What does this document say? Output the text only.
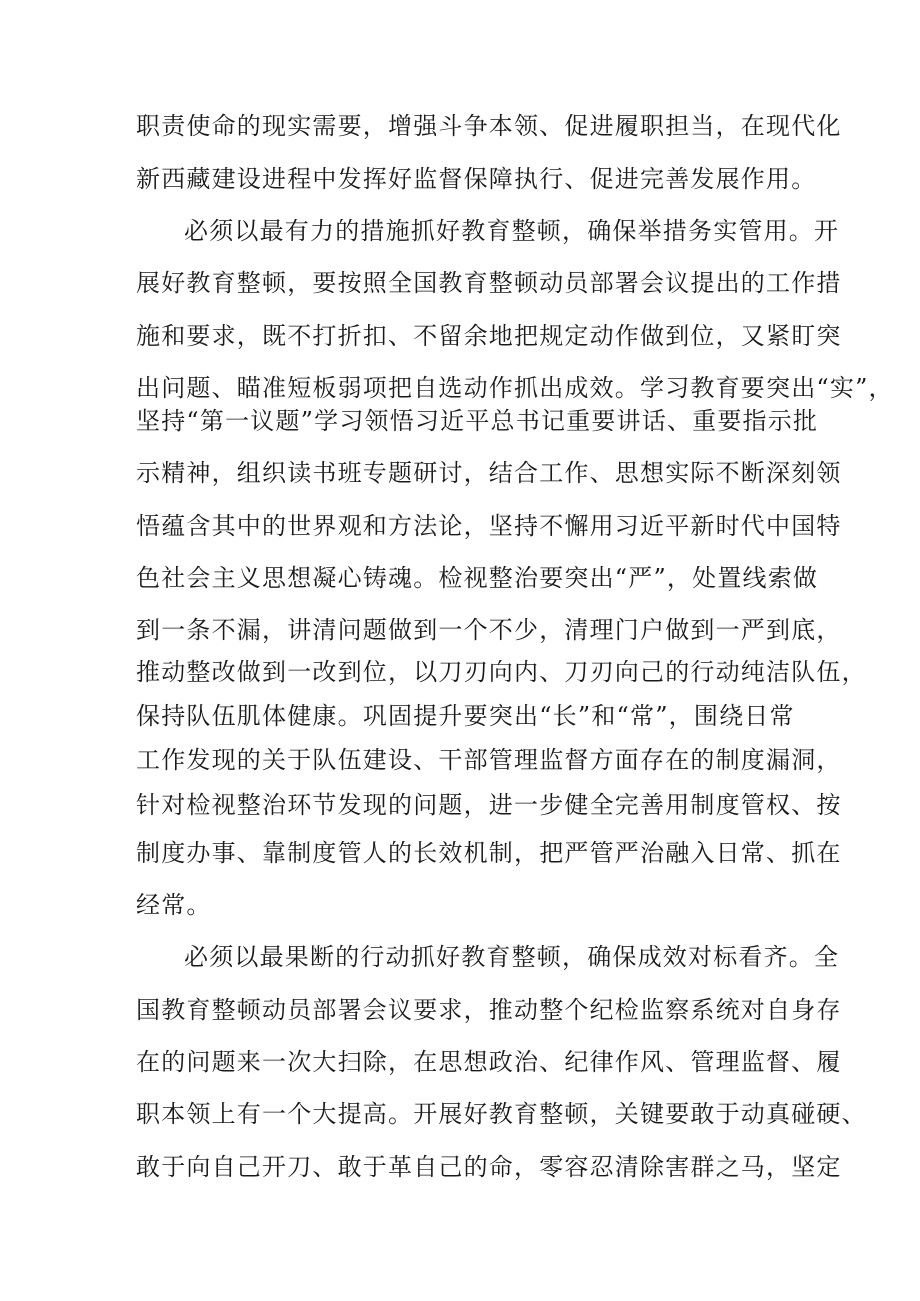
职责使命的现实需要，增强斗争本领、促进履职担当，在现代化
新西藏建设进程中发挥好监督保障执行、促进完善发展作用。
必须以最有力的措施抓好教育整顿，确保举措务实管用。开
展好教育整顿，要按照全国教育整顿动员部署会议提出的工作措
施和要求，既不打折扣、不留余地把规定动作做到位，又紧盯突
出问题、瞄准短板弱项把自选动作抓出成效。学习教育要突出“实”，
坚持“第一议题”学习领悟习近平总书记重要讲话、重要指示批
示精神，组织读书班专题研讨，结合工作、思想实际不断深刻领
悟蕴含其中的世界观和方法论，坚持不懈用习近平新时代中国特
色社会主义思想凝心铸魂。检视整治要突出“严”，处置线索做
到一条不漏，讲清问题做到一个不少，清理门户做到一严到底，
推动整改做到一改到位，以刀刃向内、刀刃向己的行动纯洁队伍，
保持队伍肌体健康。巩固提升要突出“长”和“常”，围绕日常
工作发现的关于队伍建设、干部管理监督方面存在的制度漏洞，
针对检视整治环节发现的问题，进一步健全完善用制度管权、按
制度办事、靠制度管人的长效机制，把严管严治融入日常、抓在
经常。
必须以最果断的行动抓好教育整顿，确保成效对标看齐。全
国教育整顿动员部署会议要求，推动整个纪检监察系统对自身存
在的问题来一次大扫除，在思想政治、纪律作风、管理监督、履
职本领上有一个大提高。开展好教育整顿，关键要敢于动真碰硬、
敢于向自己开刀、敢于革自己的命，零容忍清除害群之马，坚定
